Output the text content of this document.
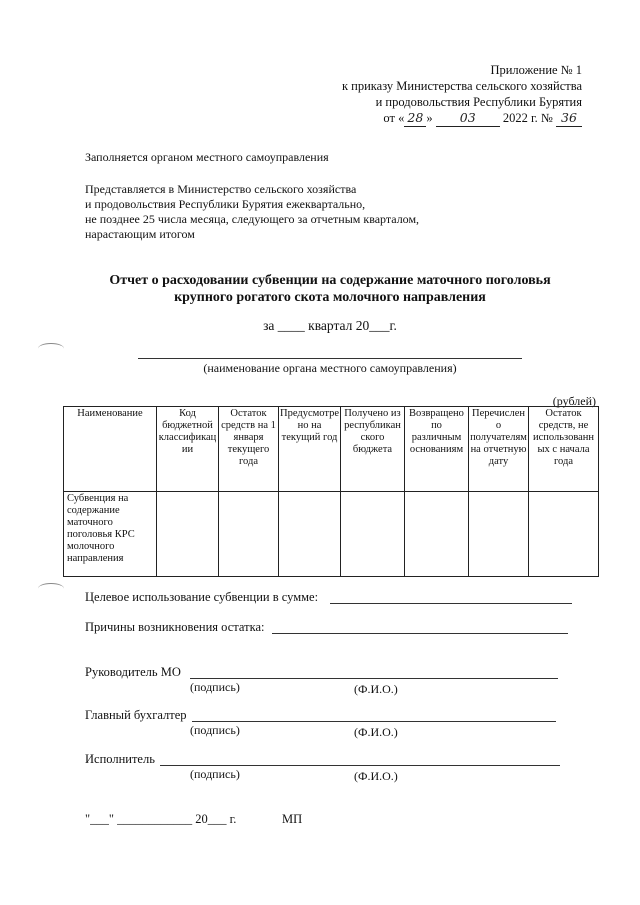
Приложение № 1
к приказу Министерства сельского хозяйства
и продовольствия Республики Бурятия
от « 28 » 03 2022 г. № 36
Заполняется органом местного самоуправления
Представляется в Министерство сельского хозяйства
и продовольствия Республики Бурятия ежеквартально,
не позднее 25 числа месяца, следующего за отчетным кварталом,
нарастающим итогом
Отчет о расходовании субвенции на содержание маточного поголовья
крупного рогатого скота молочного направления
за ____ квартал 20___г.
(наименование органа местного самоуправления)
(рублей)
Наименование	Код бюджетной классификации	Остаток средств на 1 января текущего года	Предусмотрено на текущий год	Получено из республиканского бюджета	Возвращено по различным основаниям	Перечислено получателям на отчетную дату	Остаток средств, не использованных с начала года
Субвенция на содержание маточного поголовья КРС молочного направления							
Целевое использование субвенции в сумме:
Причины возникновения остатка:
Руководитель МО
(подпись)	(Ф.И.О.)
Главный бухгалтер
(подпись)	(Ф.И.О.)
Исполнитель
(подпись)	(Ф.И.О.)
"___" ____________ 20___ г.	МП
